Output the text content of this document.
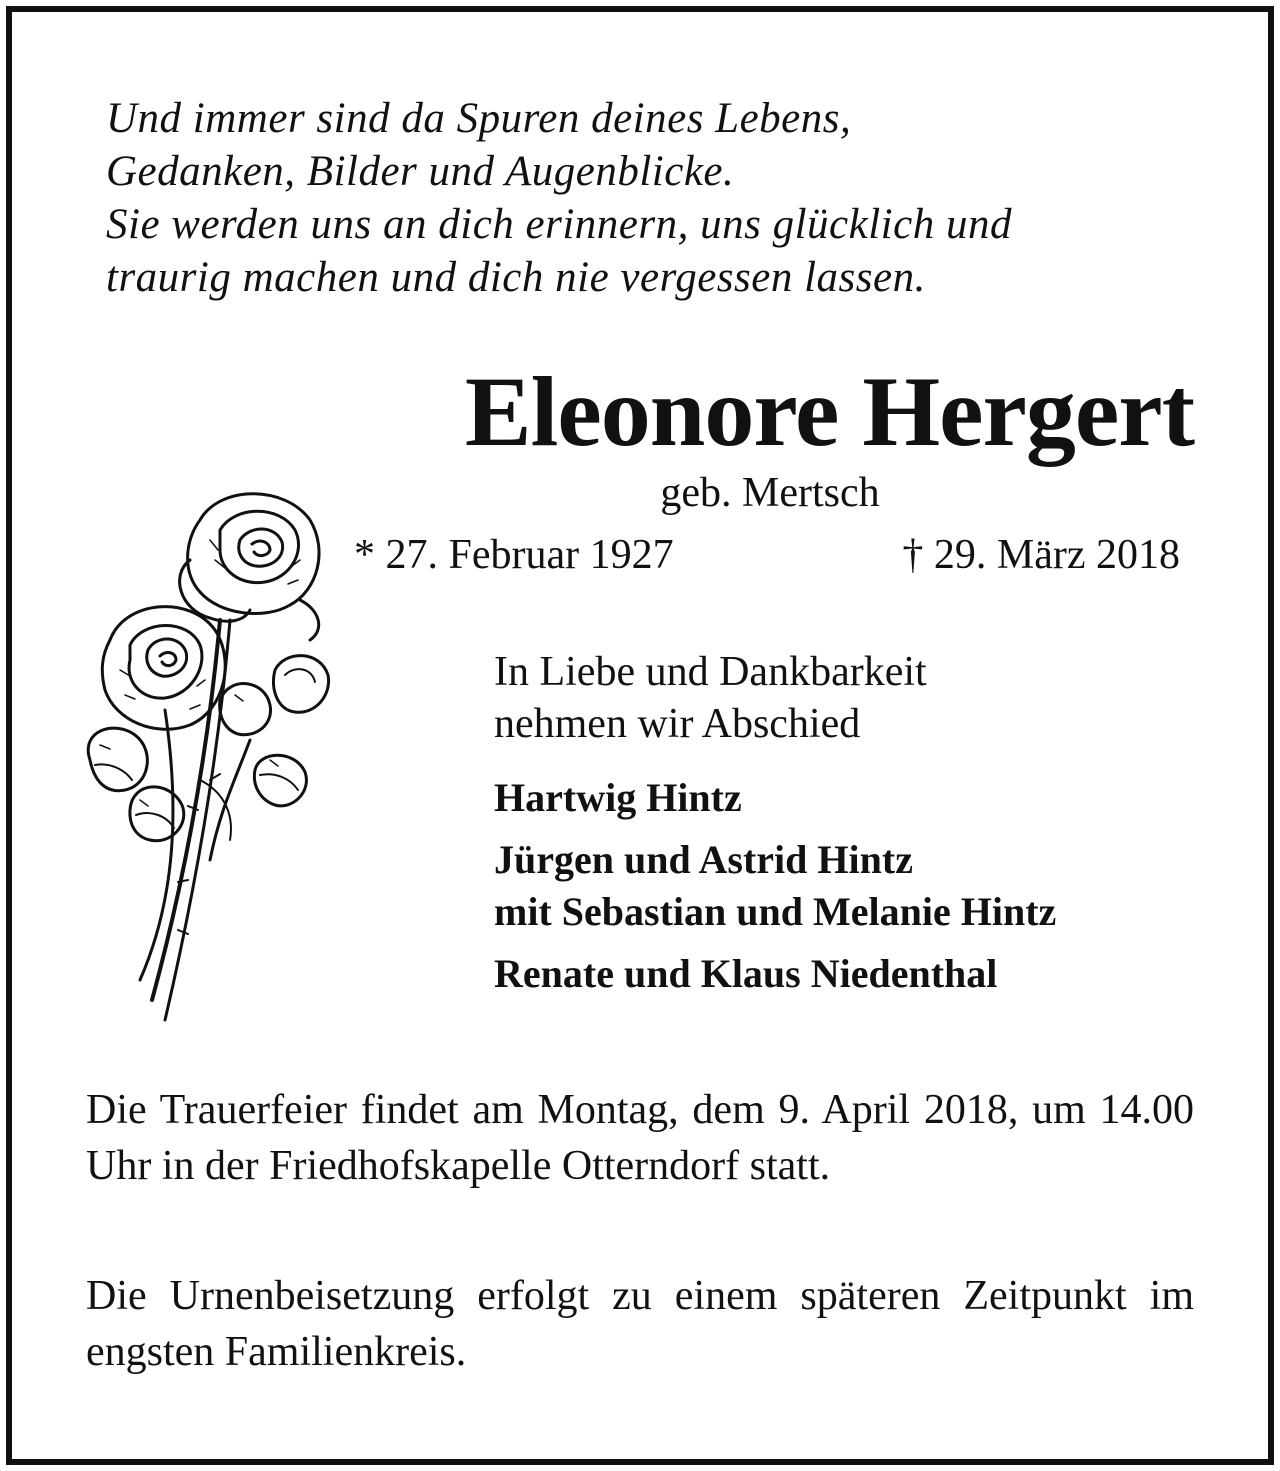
Und immer sind da Spuren deines Lebens,
Gedanken, Bilder und Augenblicke.
Sie werden uns an dich erinnern, uns glücklich und
traurig machen und dich nie vergessen lassen.
Eleonore Hergert
geb. Mertsch
* 27. Februar 1927	† 29. März 2018
In Liebe und Dankbarkeit
nehmen wir Abschied
Hartwig Hintz
Jürgen und Astrid Hintz
mit Sebastian und Melanie Hintz
Renate und Klaus Niedenthal
Die Trauerfeier findet am Montag, dem 9. April 2018, um 14.00 Uhr in der Friedhofskapelle Otterndorf statt.
Die Urnenbeisetzung erfolgt zu einem späteren Zeitpunkt im engsten Familienkreis.
